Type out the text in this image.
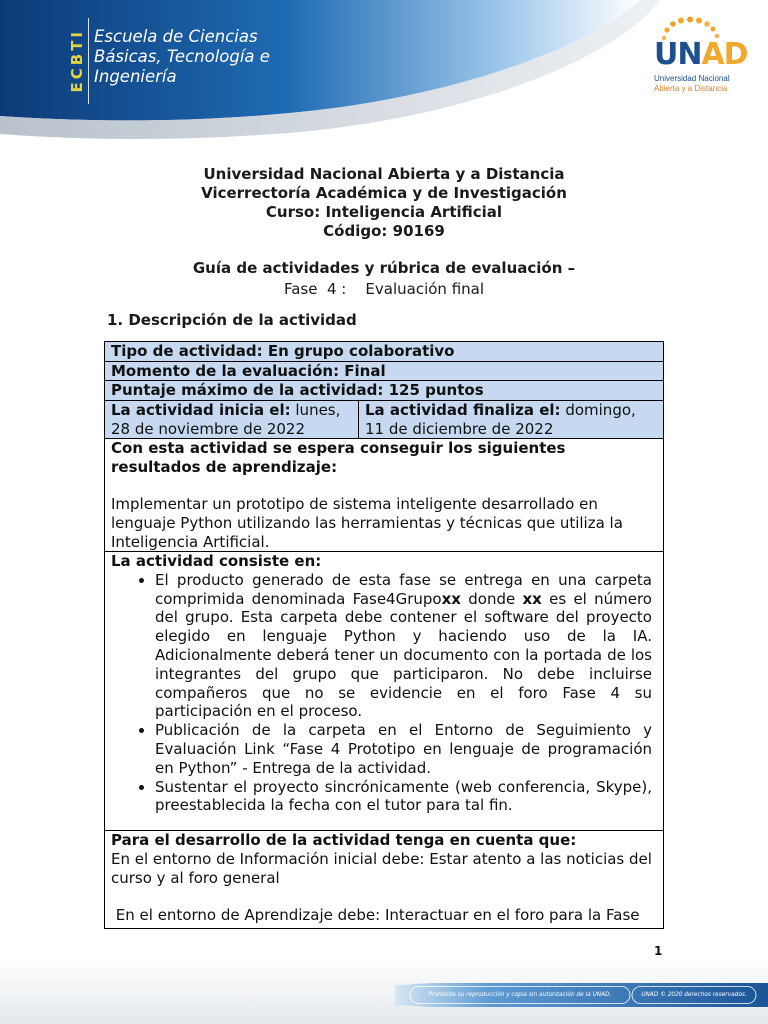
ECBTI Escuela de Ciencias
Básicas, Tecnología e
Ingeniería
UNAD
Universidad Nacional
Abierta y a Distancia
Universidad Nacional Abierta y a Distancia
Vicerrectoría Académica y de Investigación
Curso: Inteligencia Artificial
Código: 90169
Guía de actividades y rúbrica de evaluación –
Fase  4 :    Evaluación final
1. Descripción de la actividad
Tipo de actividad: En grupo colaborativo
Momento de la evaluación: Final
Puntaje máximo de la actividad: 125 puntos
La actividad inicia el: lunes, 28 de noviembre de 2022
La actividad finaliza el: domingo, 11 de diciembre de 2022
Con esta actividad se espera conseguir los siguientes resultados de aprendizaje:
Implementar un prototipo de sistema inteligente desarrollado en lenguaje Python utilizando las herramientas y técnicas que utiliza la Inteligencia Artificial.
La actividad consiste en:
• El producto generado de esta fase se entrega en una carpeta comprimida denominada Fase4Grupoxx donde xx es el número del grupo. Esta carpeta debe contener el software del proyecto elegido en lenguaje Python y haciendo uso de la IA. Adicionalmente deberá tener un documento con la portada de los integrantes del grupo que participaron. No debe incluirse compañeros que no se evidencie en el foro Fase 4 su participación en el proceso.
• Publicación de la carpeta en el Entorno de Seguimiento y Evaluación Link “Fase 4 Prototipo en lenguaje de programación en Python” - Entrega de la actividad.
• Sustentar el proyecto sincrónicamente (web conferencia, Skype), preestablecida la fecha con el tutor para tal fin.
Para el desarrollo de la actividad tenga en cuenta que:
En el entorno de Información inicial debe: Estar atento a las noticias del curso y al foro general
En el entorno de Aprendizaje debe: Interactuar en el foro para la Fase
1
Prohibida su reproducción y copia sin autorización de la UNAD.	UNAD © 2020 derechos reservados.
